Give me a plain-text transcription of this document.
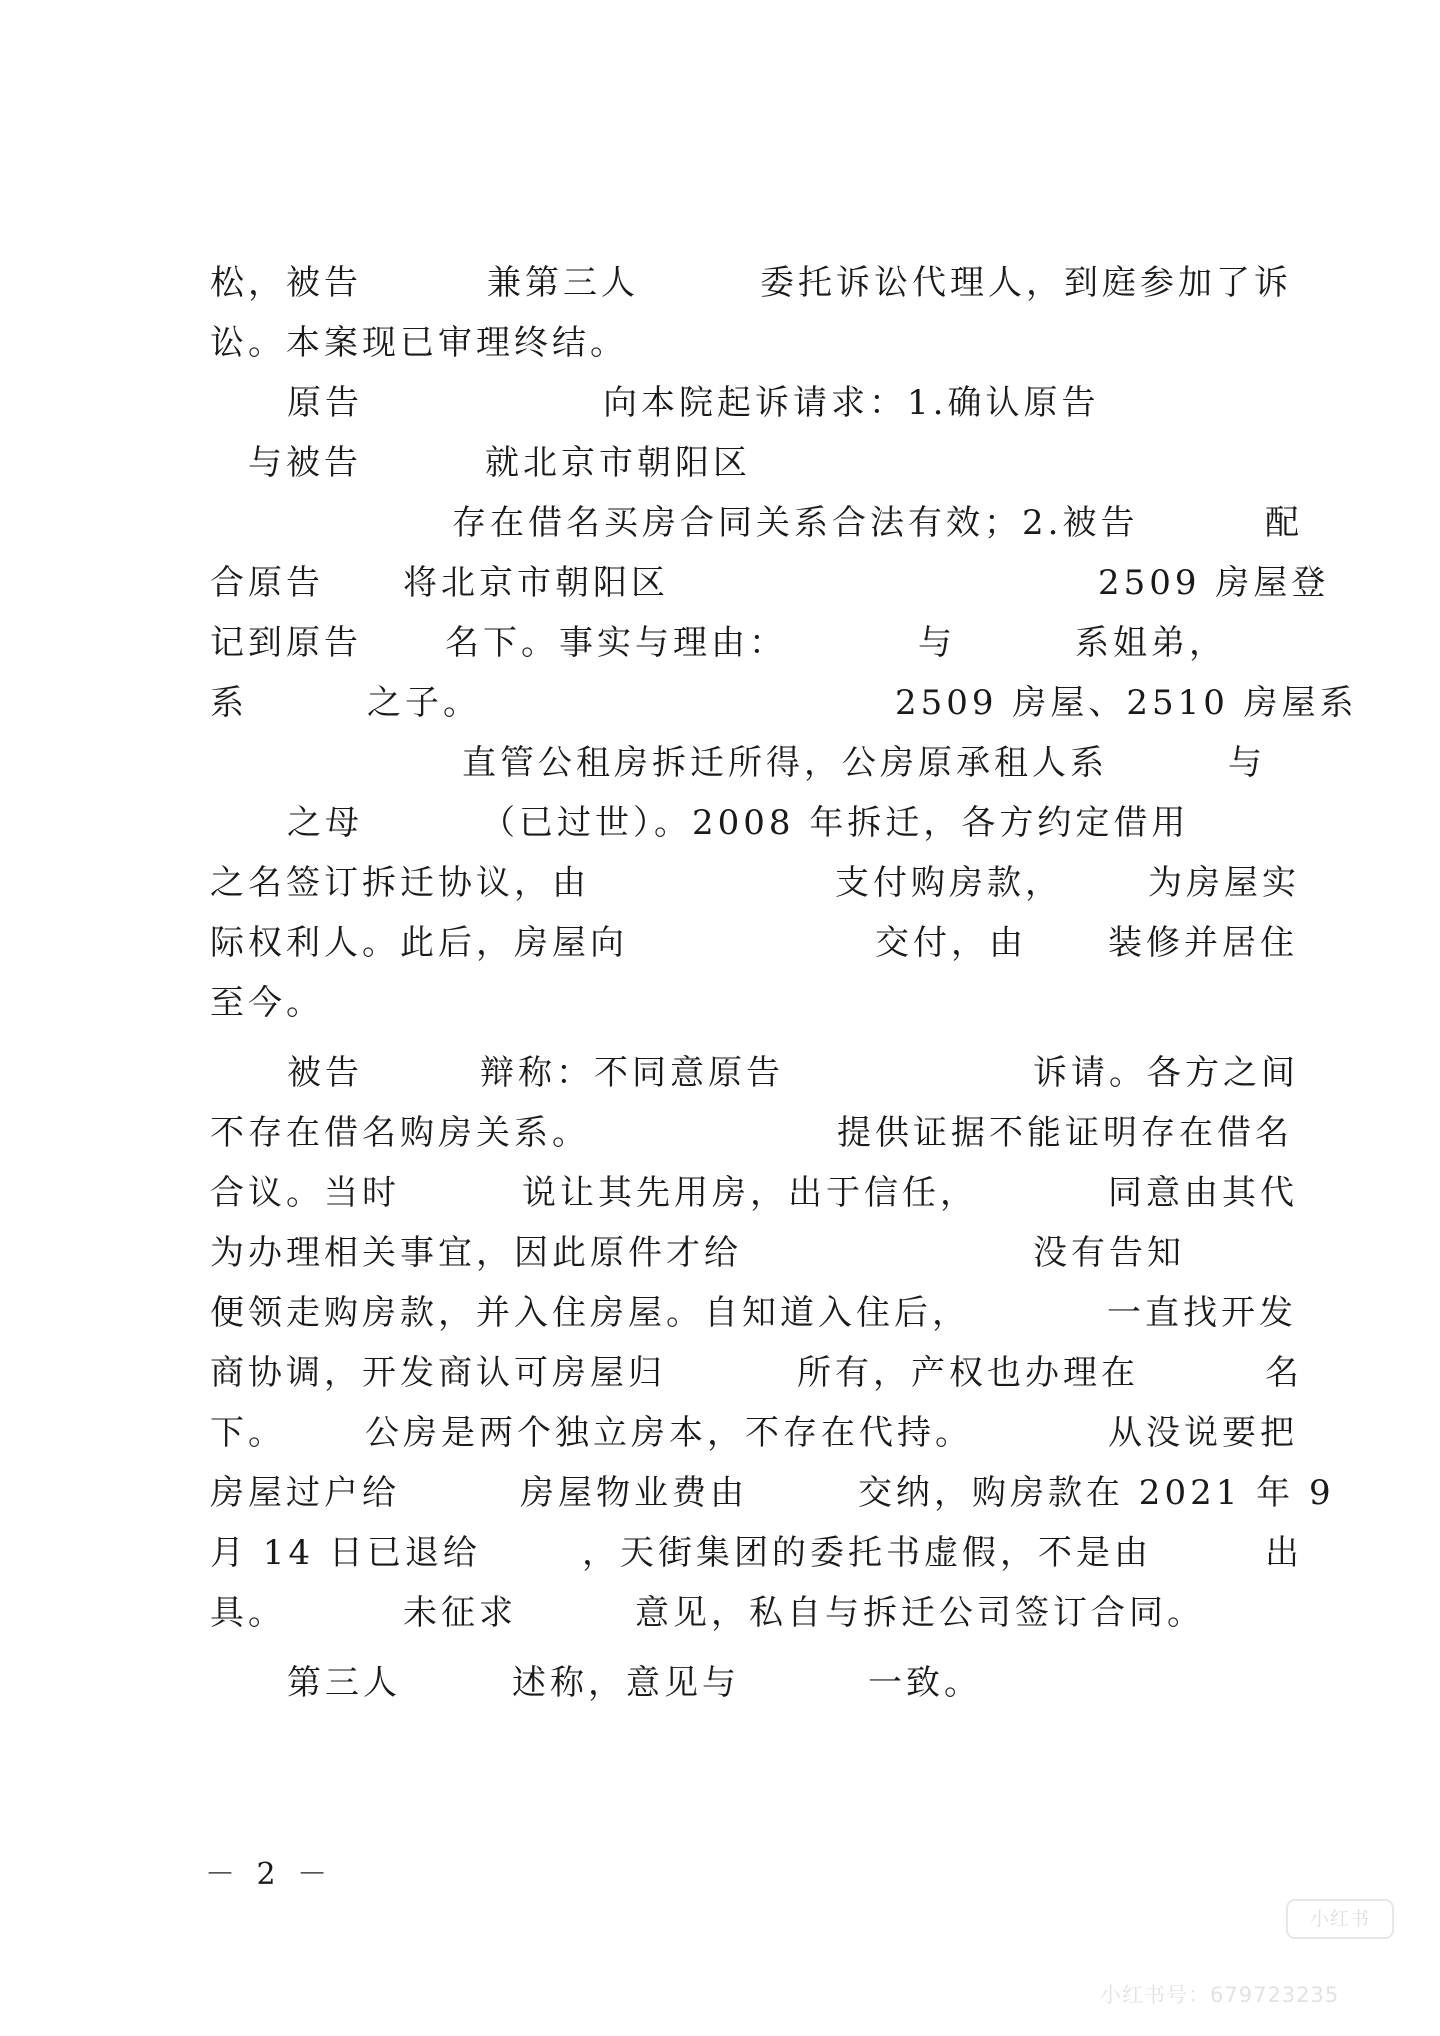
松，被告	兼第三人	委托诉讼代理人，到庭参加了诉
讼。本案现已审理终结。
原告	向本院起诉请求：1.确认原告
与被告	就北京市朝阳区
存在借名买房合同关系合法有效；2.被告	配
合原告 将北京市朝阳区	2509 房屋登
记到原告 名下。事实与理由：	与	系姐弟，
系	之子。	2509 房屋、2510 房屋系
直管公租房拆迁所得，公房原承租人系	与
之母	（已过世）。2008 年拆迁，各方约定借用
之名签订拆迁协议，由	支付购房款，	为房屋实
际权利人。此后，房屋向	交付，由 装修并居住
至今。
被告	辩称：不同意原告	诉请。各方之间
不存在借名购房关系。	提供证据不能证明存在借名
合议。当时	说让其先用房，出于信任，	同意由其代
为办理相关事宜，因此原件才给	没有告知
便领走购房款，并入住房屋。自知道入住后，	一直找开发
商协调，开发商认可房屋归	所有，产权也办理在	名
下。 公房是两个独立房本，不存在代持。	从没说要把
房屋过户给	房屋物业费由	交纳，购房款在 2021 年 9
月 14 日已退给	，天街集团的委托书虚假，不是由	出
具。	未征求	意见，私自与拆迁公司签订合同。
第三人	述称，意见与	一致。
－ 2 －
小红书
小红书号：679723235
